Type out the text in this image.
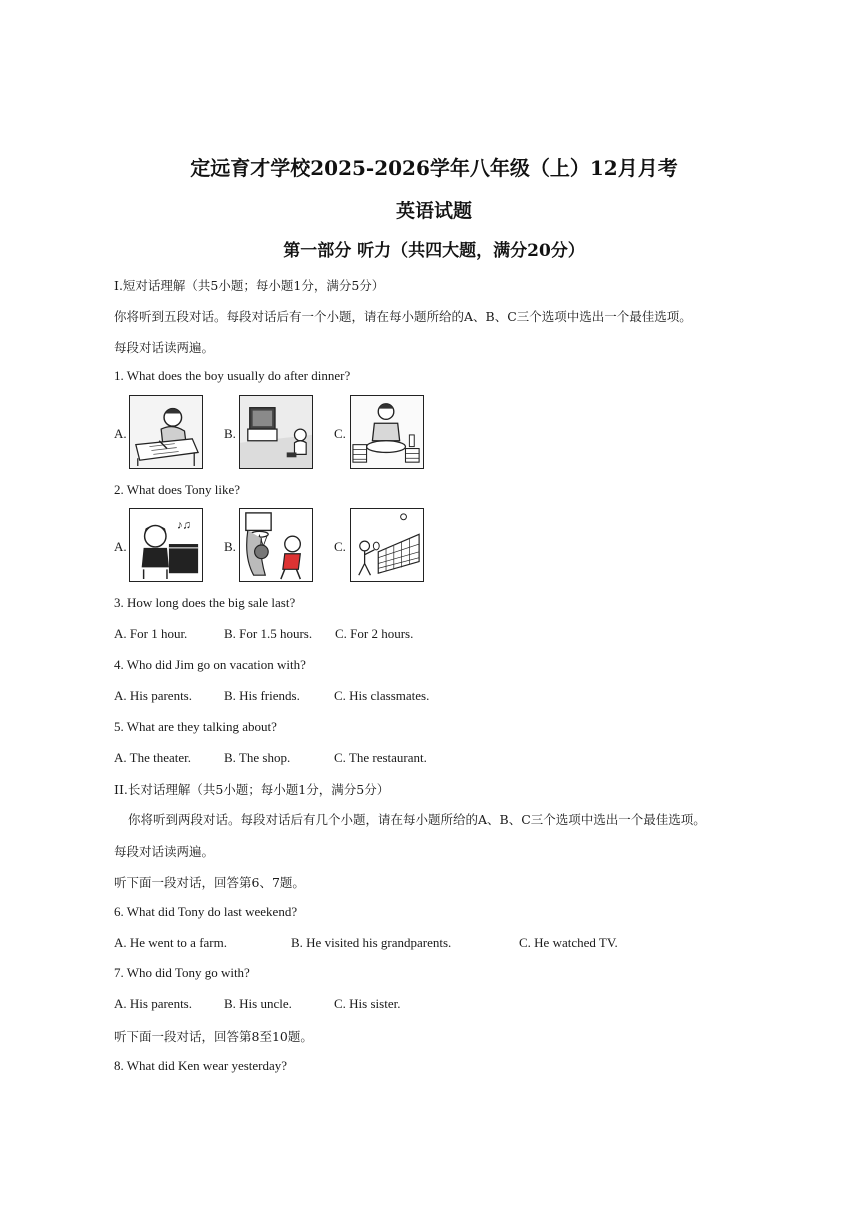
定远育才学校2025-2026学年八年级（上）12月月考
英语试题
第一部分 听力（共四大题，满分20分）
I.短对话理解（共5小题；每小题1分，满分5分）
你将听到五段对话。每段对话后有一个小题，请在每小题所给的A、B、C三个选项中选出一个最佳选项。
每段对话读两遍。
1. What does the boy usually do after dinner?
A.	B.	C.
2. What does Tony like?
A.
♪♫
B.	C.
3. How long does the big sale last?
A. For 1 hour.	B. For 1.5 hours. C. For 2 hours.
4. Who did Jim go on vacation with?
A. His parents. B. His friends.	C. His classmates.
5. What are they talking about?
A. The theater.	B. The shop.	C. The restaurant.
II.长对话理解（共5小题；每小题1分，满分5分）
你将听到两段对话。每段对话后有几个小题，请在每小题所给的A、B、C三个选项中选出一个最佳选项。
每段对话读两遍。
听下面一段对话，回答第6、7题。
6. What did Tony do last weekend?
A. He went to a farm.	B. He visited his grandparents.	C. He watched TV.
7. Who did Tony go with?
A. His parents. B. His uncle.	C. His sister.
听下面一段对话，回答第8至10题。
8. What did Ken wear yesterday?
